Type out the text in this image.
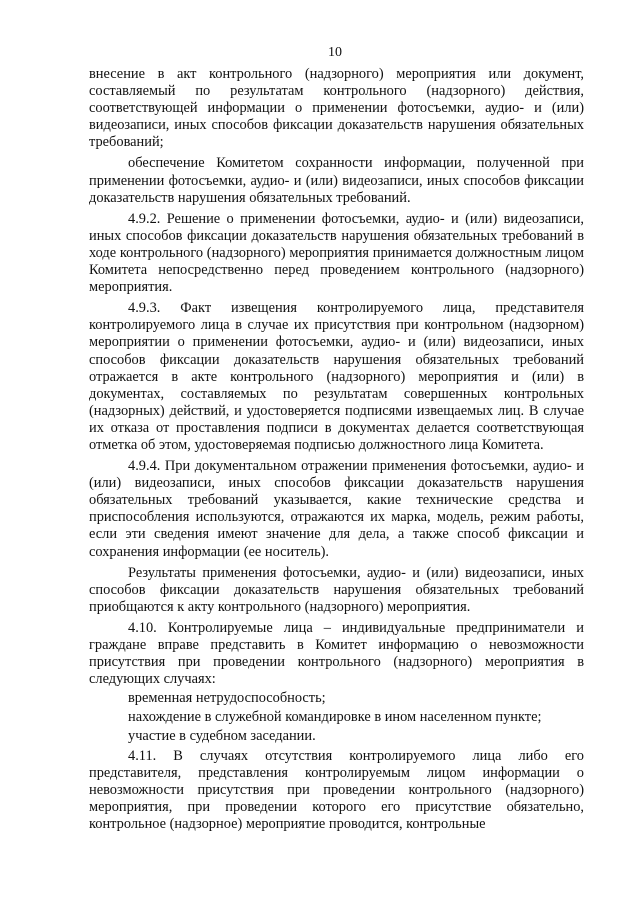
10

внесение в акт контрольного (надзорного) мероприятия или документ, составляемый по результатам контрольного (надзорного) действия, соответствующей информации о применении фотосъемки, аудио- и (или) видеозаписи, иных способов фиксации доказательств нарушения обязательных требований;

обеспечение Комитетом сохранности информации, полученной при применении фотосъемки, аудио- и (или) видеозаписи, иных способов фиксации доказательств нарушения обязательных требований.

4.9.2. Решение о применении фотосъемки, аудио- и (или) видеозаписи, иных способов фиксации доказательств нарушения обязательных требований в ходе контрольного (надзорного) мероприятия принимается должностным лицом Комитета непосредственно перед проведением контрольного (надзорного) мероприятия.

4.9.3. Факт извещения контролируемого лица, представителя контролируемого лица в случае их присутствия при контрольном (надзорном) мероприятии о применении фотосъемки, аудио- и (или) видеозаписи, иных способов фиксации доказательств нарушения обязательных требований отражается в акте контрольного (надзорного) мероприятия и (или) в документах, составляемых по результатам совершенных контрольных (надзорных) действий, и удостоверяется подписями извещаемых лиц. В случае их отказа от проставления подписи в документах делается соответствующая отметка об этом, удостоверяемая подписью должностного лица Комитета.

4.9.4. При документальном отражении применения фотосъемки, аудио- и (или) видеозаписи, иных способов фиксации доказательств нарушения обязательных требований указывается, какие технические средства и приспособления используются, отражаются их марка, модель, режим работы, если эти сведения имеют значение для дела, а также способ фиксации и сохранения информации (ее носитель).

Результаты применения фотосъемки, аудио- и (или) видеозаписи, иных способов фиксации доказательств нарушения обязательных требований приобщаются к акту контрольного (надзорного) мероприятия.

4.10. Контролируемые лица – индивидуальные предприниматели и граждане вправе представить в Комитет информацию о невозможности присутствия при проведении контрольного (надзорного) мероприятия в следующих случаях:

временная нетрудоспособность;

нахождение в служебной командировке в ином населенном пункте;

участие в судебном заседании.

4.11. В случаях отсутствия контролируемого лица либо его представителя, представления контролируемым лицом информации о невозможности присутствия при проведении контрольного (надзорного) мероприятия, при проведении которого его присутствие обязательно, контрольное (надзорное) мероприятие проводится, контрольные
